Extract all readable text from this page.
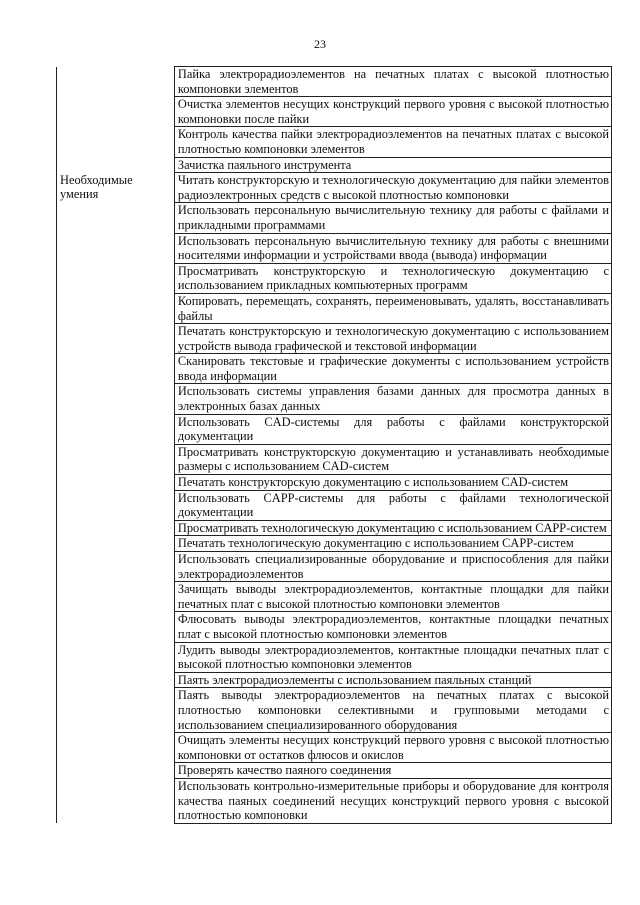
23

	Пайка электрорадиоэлементов на печатных платах с высокой плотностью компоновки элементов

	Очистка элементов несущих конструкций первого уровня с высокой плотностью компоновки после пайки

	Контроль качества пайки электрорадиоэлементов на печатных платах с высокой плотностью компоновки элементов

	Зачистка паяльного инструмента

Необходимые умения	Читать конструкторскую и технологическую документацию для пайки элементов радиоэлектронных средств с высокой плотностью компоновки

	Использовать персональную вычислительную технику для работы с файлами и прикладными программами

	Использовать персональную вычислительную технику для работы с внешними носителями информации и устройствами ввода (вывода) информации

	Просматривать конструкторскую и технологическую документацию с использованием прикладных компьютерных программ

	Копировать, перемещать, сохранять, переименовывать, удалять, восстанавливать файлы

	Печатать конструкторскую и технологическую документацию с использованием устройств вывода графической и текстовой информации

	Сканировать текстовые и графические документы с использованием устройств ввода информации

	Использовать системы управления базами данных для просмотра данных в электронных базах данных

	Использовать CAD-системы для работы с файлами конструкторской документации

	Просматривать конструкторскую документацию и устанавливать необходимые размеры с использованием CAD-систем

	Печатать конструкторскую документацию с использованием CAD-систем

	Использовать CAPP-системы для работы с файлами технологической документации

	Просматривать технологическую документацию с использованием CAPP-систем

	Печатать технологическую документацию с использованием CAPP-систем

	Использовать специализированные оборудование и приспособления для пайки электрорадиоэлементов

	Зачищать выводы электрорадиоэлементов, контактные площадки для пайки печатных плат с высокой плотностью компоновки элементов

	Флюсовать выводы электрорадиоэлементов, контактные площадки печатных плат с высокой плотностью компоновки элементов

	Лудить выводы электрорадиоэлементов, контактные площадки печатных плат с высокой плотностью компоновки элементов

	Паять электрорадиоэлементы с использованием паяльных станций

	Паять выводы электрорадиоэлементов на печатных платах с высокой плотностью компоновки селективными и групповыми методами с использованием специализированного оборудования

	Очищать элементы несущих конструкций первого уровня с высокой плотностью компоновки от остатков флюсов и окислов

	Проверять качество паяного соединения

	Использовать контрольно-измерительные приборы и оборудование для контроля качества паяных соединений несущих конструкций первого уровня с высокой плотностью компоновки
